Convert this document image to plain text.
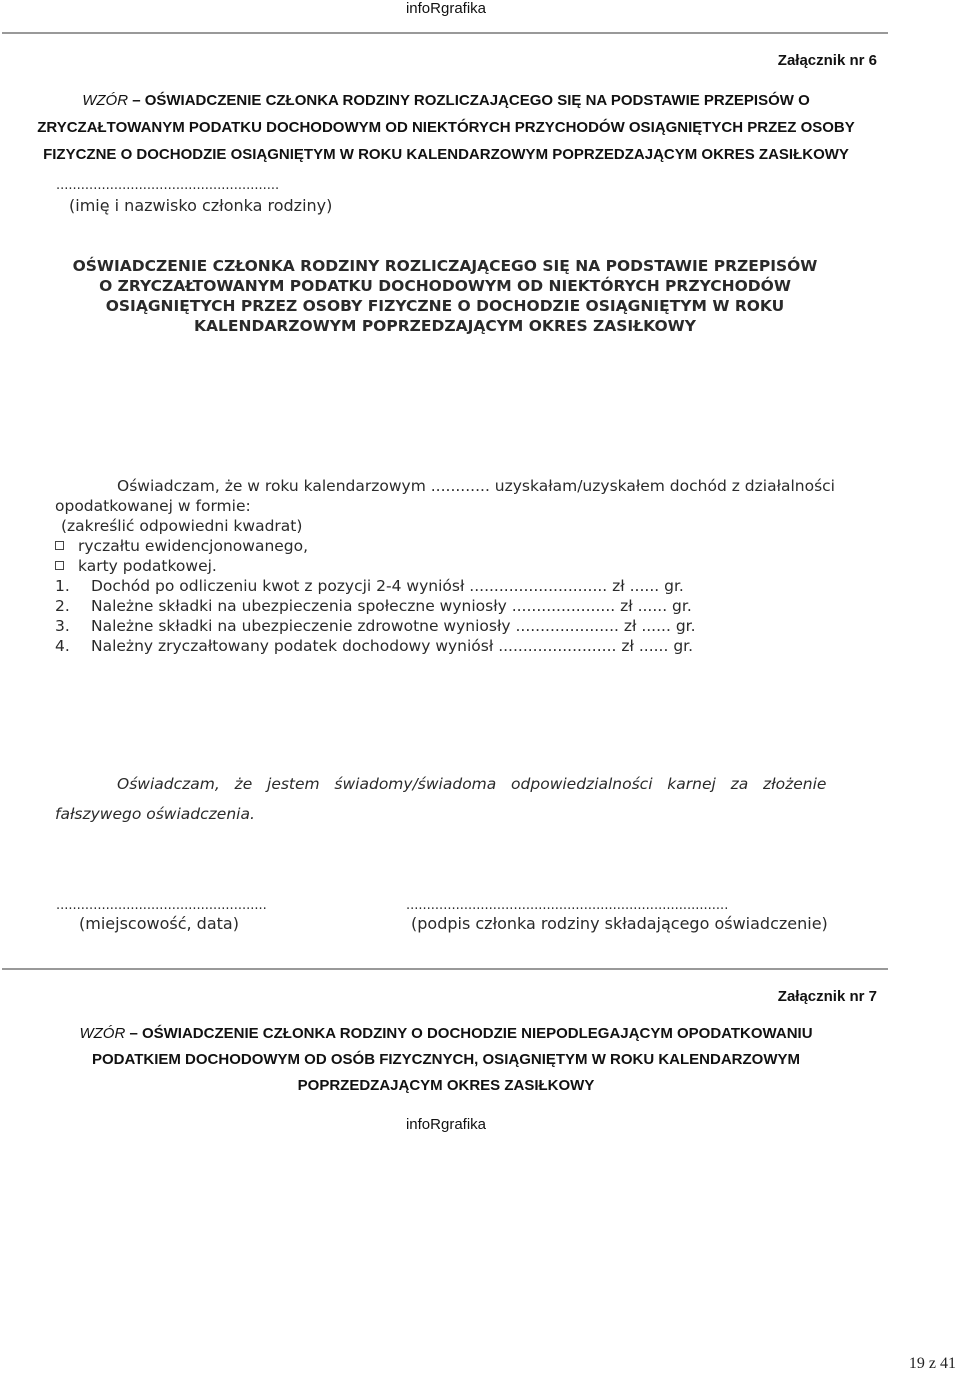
infoRgrafika
Załącznik nr 6
WZÓR – OŚWIADCZENIE CZŁONKA RODZINY ROZLICZAJĄCEGO SIĘ NA PODSTAWIE PRZEPISÓW O
ZRYCZAŁTOWANYM PODATKU DOCHODOWYM OD NIEKTÓRYCH PRZYCHODÓW OSIĄGNIĘTYCH PRZEZ OSOBY
FIZYCZNE O DOCHODZIE OSIĄGNIĘTYM W ROKU KALENDARZOWYM POPRZEDZAJĄCYM OKRES ZASIŁKOWY
......................................................
(imię i nazwisko członka rodziny)
OŚWIADCZENIE CZŁONKA RODZINY ROZLICZAJĄCEGO SIĘ NA PODSTAWIE PRZEPISÓW
O ZRYCZAŁTOWANYM PODATKU DOCHODOWYM OD NIEKTÓRYCH PRZYCHODÓW
OSIĄGNIĘTYCH PRZEZ OSOBY FIZYCZNE O DOCHODZIE OSIĄGNIĘTYM W ROKU
KALENDARZOWYM POPRZEDZAJĄCYM OKRES ZASIŁKOWY
Oświadczam, że w roku kalendarzowym ............ uzyskałam/uzyskałem dochód z działalności
opodatkowanej w formie:
(zakreślić odpowiedni kwadrat)
ryczałtu ewidencjonowanego,
karty podatkowej.
1. Dochód po odliczeniu kwot z pozycji 2-4 wyniósł ............................ zł ...... gr.
2. Należne składki na ubezpieczenia społeczne wyniosły ..................... zł ...... gr.
3. Należne składki na ubezpieczenie zdrowotne wyniosły ..................... zł ...... gr.
4. Należny zryczałtowany podatek dochodowy wyniósł ........................ zł ...... gr.
Oświadczam,   że   jestem   świadomy/świadoma   odpowiedzialności   karnej   za   złożenie
fałszywego oświadczenia.
...................................................
(miejscowość, data)
..............................................................................
(podpis członka rodziny składającego oświadczenie)
Załącznik nr 7
WZÓR – OŚWIADCZENIE CZŁONKA RODZINY O DOCHODZIE NIEPODLEGAJĄCYM OPODATKOWANIU
PODATKIEM DOCHODOWYM OD OSÓB FIZYCZNYCH, OSIĄGNIĘTYM W ROKU KALENDARZOWYM
POPRZEDZAJĄCYM OKRES ZASIŁKOWY
infoRgrafika
19 z 41
